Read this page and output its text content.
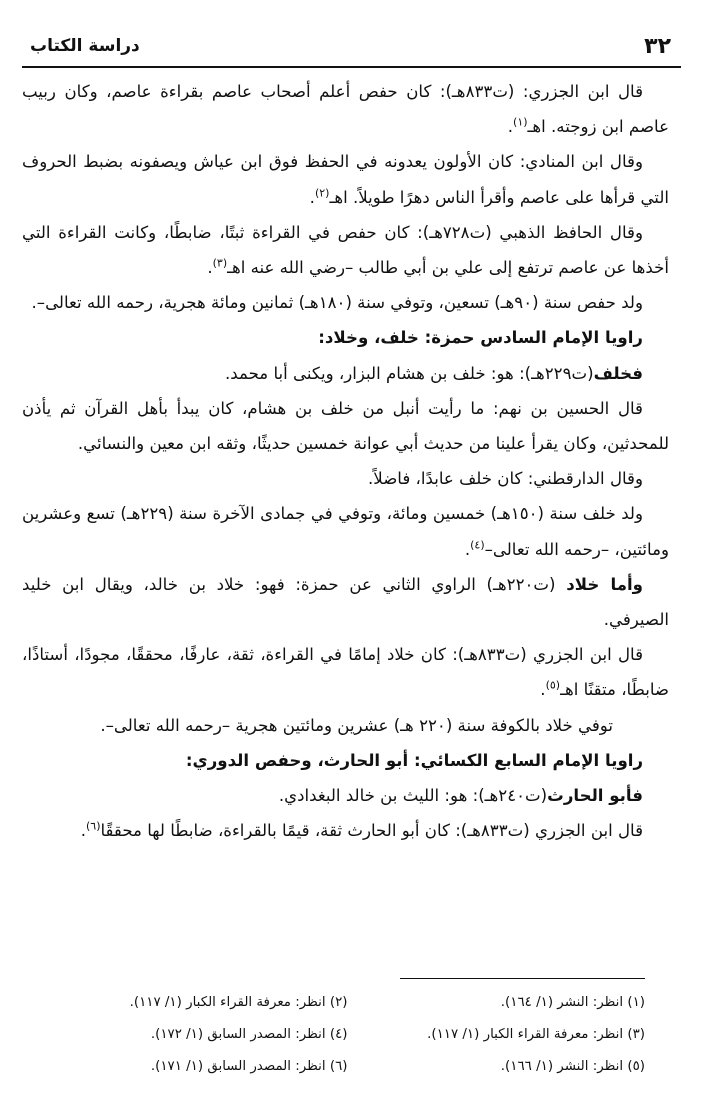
٣٢
دراسة الكتاب

قال ابن الجزري: (ت٨٣٣هـ): كان حفص أعلم أصحاب عاصم بقراءة عاصم، وكان ربيب عاصم ابن زوجته. اهـ$^{(١)}$.

وقال ابن المنادي: كان الأولون يعدونه في الحفظ فوق ابن عياش ويصفونه بضبط الحروف التي قرأها على عاصم وأقرأ الناس دهرًا طويلاً. اهـ$^{(٢)}$.

وقال الحافظ الذهبي (ت٧٢٨هـ): كان حفص في القراءة ثبتًا، ضابطًا، وكانت القراءة التي أخذها عن عاصم ترتفع إلى علي بن أبي طالب –رضي الله عنه اهـ$^{(٣)}$.

ولد حفص سنة (٩٠هـ) تسعين، وتوفي سنة (١٨٠هـ) ثمانين ومائة هجرية، رحمه الله تعالى–.

راويا الإمام السادس حمزة: خلف، وخلاد:

فخلف(ت٢٢٩هـ): هو: خلف بن هشام البزار، ويكنى أبا محمد.

قال الحسين بن نهم: ما رأيت أنبل من خلف بن هشام، كان يبدأ بأهل القرآن ثم يأذن للمحدثين، وكان يقرأ علينا من حديث أبي عوانة خمسين حديثًا، وثقه ابن معين والنسائي.

وقال الدارقطني: كان خلف عابدًا، فاضلاً.

ولد خلف سنة (١٥٠هـ) خمسين ومائة، وتوفي في جمادى الآخرة سنة (٢٢٩هـ) تسع وعشرين ومائتين، –رحمه الله تعالى–$^{(٤)}$.

وأما خلاد (ت٢٢٠هـ) الراوي الثاني عن حمزة: فهو: خلاد بن خالد، ويقال ابن خليد الصيرفي.

قال ابن الجزري (ت٨٣٣هـ): كان خلاد إمامًا في القراءة، ثقة، عارفًا، محققًا، مجودًا، أستاذًا، ضابطًا، متقنًا اهـ$^{(٥)}$.

توفي خلاد بالكوفة سنة (٢٢٠ هـ) عشرين ومائتين هجرية –رحمه الله تعالى–.

راويا الإمام السابع الكسائي: أبو الحارث، وحفص الدوري:

فأبو الحارث(ت٢٤٠هـ): هو: الليث بن خالد البغدادي.

قال ابن الجزري (ت٨٣٣هـ): كان أبو الحارث ثقة، قيمًا بالقراءة، ضابطًا لها محققًا$^{(٦)}$.

(١) انظر: النشر (١/ ١٦٤).
(٢) انظر: معرفة القراء الكبار (١/ ١١٧).
(٣) انظر: معرفة القراء الكبار (١/ ١١٧).
(٤) انظر: المصدر السابق (١/ ١٧٢).
(٥) انظر: النشر (١/ ١٦٦).
(٦) انظر: المصدر السابق (١/ ١٧١).
